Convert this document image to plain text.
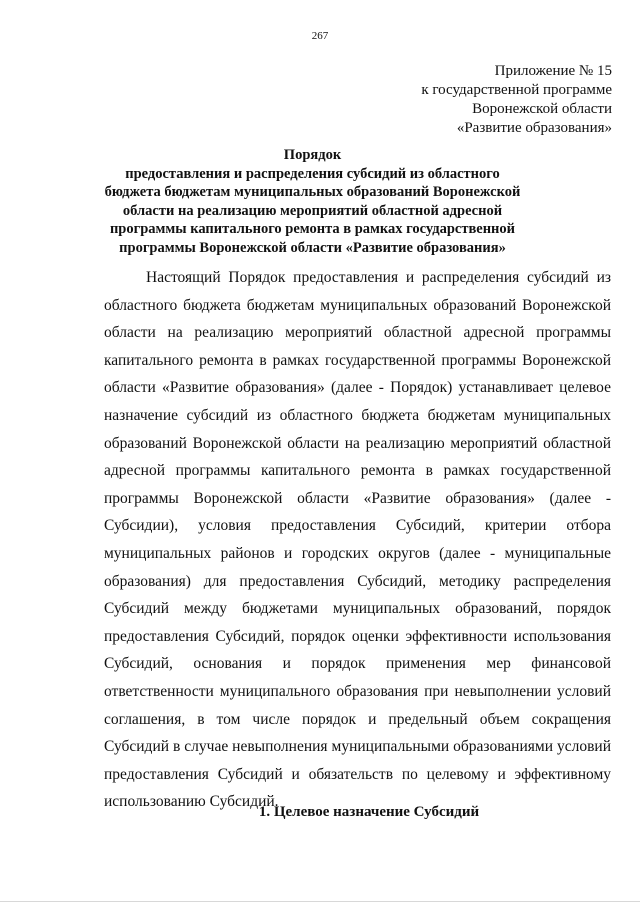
267
Приложение № 15
к государственной программе
Воронежской области
«Развитие образования»
Порядок
предоставления и распределения субсидий из областного
бюджета бюджетам муниципальных образований Воронежской
области на реализацию мероприятий областной адресной
программы капитального ремонта в рамках государственной
программы Воронежской области «Развитие образования»

Настоящий Порядок предоставления и распределения субсидий из областного бюджета бюджетам муниципальных образований Воронежской области на реализацию мероприятий областной адресной программы капитального ремонта в рамках государственной программы Воронежской области «Развитие образования» (далее - Порядок) устанавливает целевое назначение субсидий из областного бюджета бюджетам муниципальных образований Воронежской области на реализацию мероприятий областной адресной программы капитального ремонта в рамках государственной программы Воронежской области «Развитие образования» (далее - Субсидии), условия предоставления Субсидий, критерии отбора муниципальных районов и городских округов (далее - муниципальные образования) для предоставления Субсидий, методику распределения Субсидий между бюджетами муниципальных образований, порядок предоставления Субсидий, порядок оценки эффективности использования Субсидий, основания и порядок применения мер финансовой ответственности муниципального образования при невыполнении условий соглашения, в том числе порядок и предельный объем сокращения Субсидий в случае невыполнения муниципальными образованиями условий предоставления Субсидий и обязательств по целевому и эффективному использованию Субсидий.

1. Целевое назначение Субсидий
